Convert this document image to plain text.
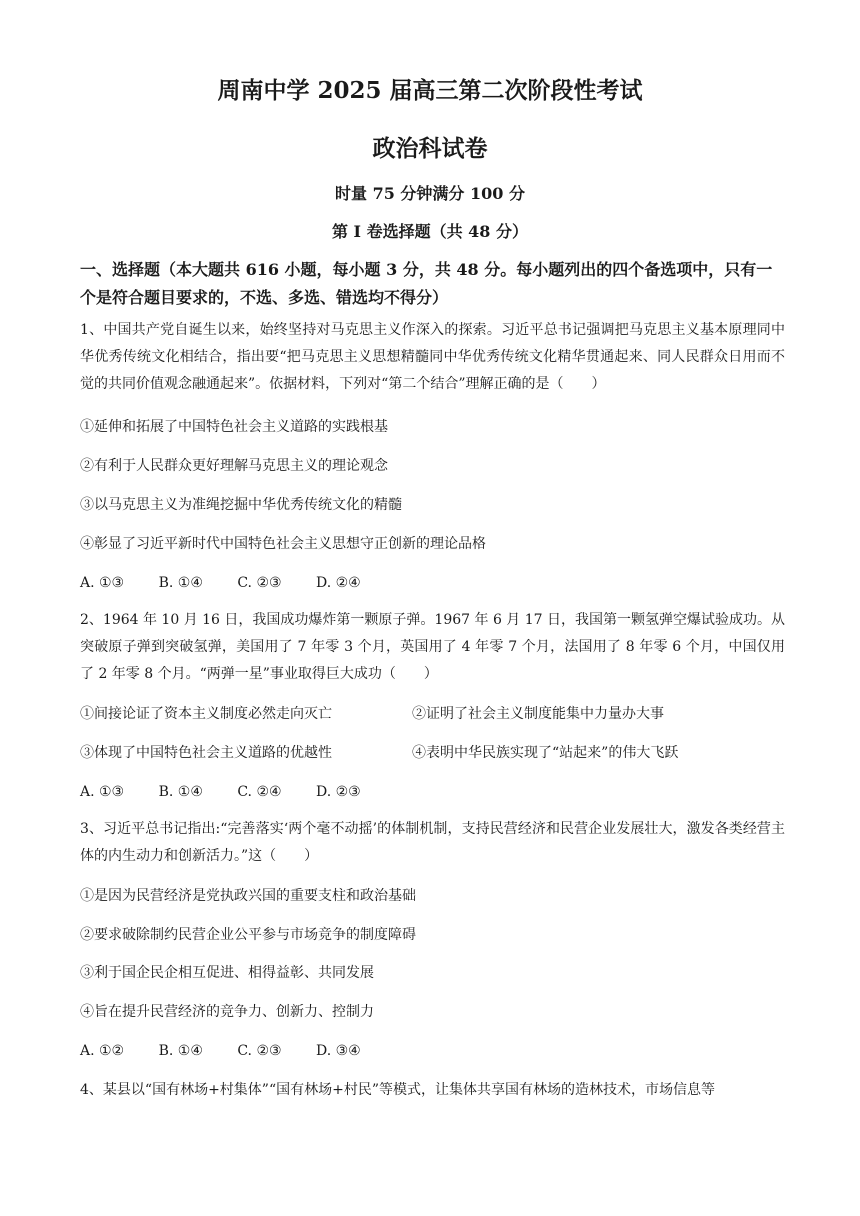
周南中学 2025 届高三第二次阶段性考试
政治科试卷
时量 75 分钟满分 100 分
第 I 卷选择题（共 48 分）
一、选择题（本大题共 616 小题，每小题 3 分，共 48 分。每小题列出的四个备选项中，只有一个是符合题目要求的，不选、多选、错选均不得分）
1、中国共产党自诞生以来，始终坚持对马克思主义作深入的探索。习近平总书记强调把马克思主义基本原理同中华优秀传统文化相结合，指出要“把马克思主义思想精髓同中华优秀传统文化精华贯通起来、同人民群众日用而不觉的共同价值观念融通起来”。依据材料，下列对“第二个结合”理解正确的是（　　）
①延伸和拓展了中国特色社会主义道路的实践根基
②有利于人民群众更好理解马克思主义的理论观念
③以马克思主义为准绳挖掘中华优秀传统文化的精髓
④彰显了习近平新时代中国特色社会主义思想守正创新的理论品格
A. ①③ B. ①④ C. ②③ D. ②④
2、1964 年 10 月 16 日，我国成功爆炸第一颗原子弹。1967 年 6 月 17 日，我国第一颗氢弹空爆试验成功。从突破原子弹到突破氢弹，美国用了 7 年零 3 个月，英国用了 4 年零 7 个月，法国用了 8 年零 6 个月，中国仅用了 2 年零 8 个月。“两弹一星”事业取得巨大成功（　　）
①间接论证了资本主义制度必然走向灭亡	②证明了社会主义制度能集中力量办大事
③体现了中国特色社会主义道路的优越性	④表明中华民族实现了“站起来”的伟大飞跃
A. ①③ B. ①④ C. ②④ D. ②③
3、习近平总书记指出:“完善落实‘两个毫不动摇’的体制机制，支持民营经济和民营企业发展壮大，激发各类经营主体的内生动力和创新活力。”这（　　）
①是因为民营经济是党执政兴国的重要支柱和政治基础
②要求破除制约民营企业公平参与市场竞争的制度障碍
③利于国企民企相互促进、相得益彰、共同发展
④旨在提升民营经济的竞争力、创新力、控制力
A. ①② B. ①④ C. ②③ D. ③④
4、某县以“国有林场+村集体”“国有林场+村民”等模式，让集体共享国有林场的造林技术，市场信息等
